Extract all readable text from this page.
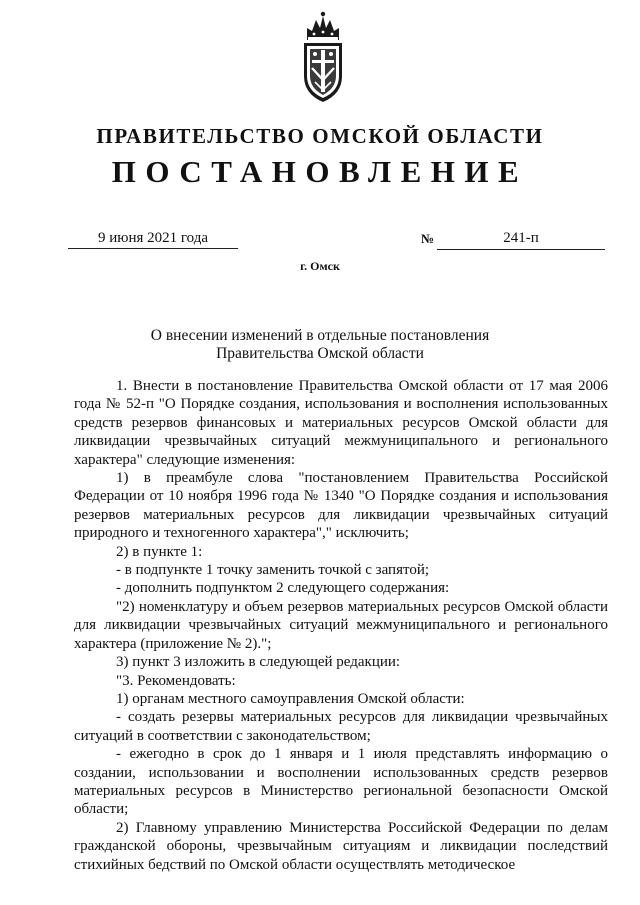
ПРАВИТЕЛЬСТВО ОМСКОЙ ОБЛАСТИ
ПОСТАНОВЛЕНИЕ
9 июня 2021 года	№	241-п
г. Омск
О внесении изменений в отдельные постановления
Правительства Омской области

1. Внести в постановление Правительства Омской области от 17 мая 2006 года № 52-п "О Порядке создания, использования и восполнения использованных средств резервов финансовых и материальных ресурсов Омской области для ликвидации чрезвычайных ситуаций межмуниципального и регионального характера" следующие изменения:

1) в преамбуле слова "постановлением Правительства Российской Федерации от 10 ноября 1996 года № 1340 "О Порядке создания и использования резервов материальных ресурсов для ликвидации чрезвычайных ситуаций природного и техногенного характера"," исключить;

2) в пункте 1:

- в подпункте 1 точку заменить точкой с запятой;

- дополнить подпунктом 2 следующего содержания:

"2) номенклатуру и объем резервов материальных ресурсов Омской области для ликвидации чрезвычайных ситуаций межмуниципального и регионального характера (приложение № 2).";

3) пункт 3 изложить в следующей редакции:

"3. Рекомендовать:

1) органам местного самоуправления Омской области:

- создать резервы материальных ресурсов для ликвидации чрезвычайных ситуаций в соответствии с законодательством;

- ежегодно в срок до 1 января и 1 июля представлять информацию о создании, использовании и восполнении использованных средств резервов материальных ресурсов в Министерство региональной безопасности Омской области;

2) Главному управлению Министерства Российской Федерации по делам гражданской обороны, чрезвычайным ситуациям и ликвидации последствий стихийных бедствий по Омской области осуществлять методическое
